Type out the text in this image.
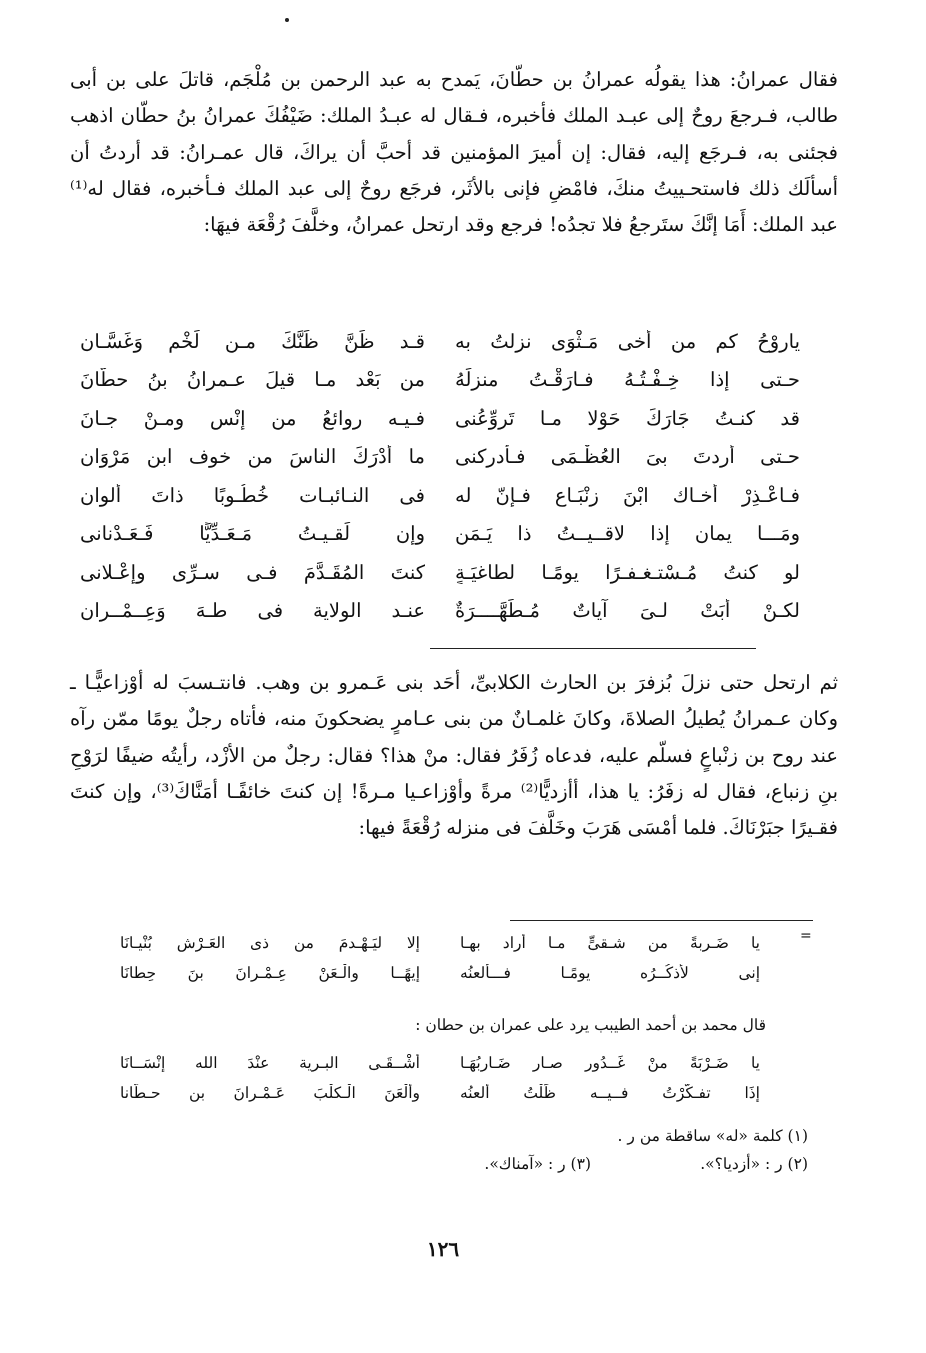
فقال عمرانُ: هذا يقولُه عمرانُ بن حطّانَ، يَمدح به عبد الرحمن بن مُلْجَم، قاتلَ على بن أبى طالب، فـرجعَ روحٌ إلى عبـد الملك فأخبره، فـقال له عبـدُ الملك: ضَيْفُكَ عمرانُ بنُ حطّان اذهب فجئنى به، فـرجَع إليه، فقال: إن أميرَ المؤمنين قد أحبَّ أن يراكَ، قال عمـرانُ: قد أردتُ أن أسألَك ذلك فاستحـييتُ منكَ، فامْضِ فإنى بالأثَر، فرجَع روحٌ إلى عبد الملك فـأخبره، فقال له⁽¹⁾ عبد الملك: أَمَا إنَّكَ ستَرجعُ فلا تجدُه! فرجع وقد ارتحل عمرانُ، وخلَّفَ رُقْعَة فيهَا:

ياروْحُ كم من أخى مَـثْوَى نزلتُ به
قـد ظَنَّ ظَنَّكَ مـن لَخْم وَغَسَّـان
حـتى إذا خِـفْـتُـهُ فـارَقْـتُ منزلَهُ
من بَعْد مـا قيلَ عـمرانُ بنُ حطّانَ
قد كنـتُ جَارَكَ حَوْلا مـا تَروِّعُنى
فـيـه روائعُ من إنْسٍ ومـنْ جـانَ
حـتى أردتَ بىَ العُظْـمَى فـأدركنى
ما أَدْرَكَ الناسَ من خوف ابنِ مَرْوَان
فـاعْـذِرْ أخـاك ابْنَ زنْبَـاع فـإنّ له
فى النـائبـات خُطُـوبًا ذاتَ ألوان
ومَـــا يمان إذا لاقــيــتُ ذا يَـمَنٍ
وإن لَقـيـتُ مَـعَـدِّيًّا فَـعَـدْنانى
لو كنتُ مُـسْتـغـفـرًا يومًـا لطاغيَـةٍ
كنتَ المُقَـدَّمَ فـى سـرِّى وإعْـلانى
لكـنْ أبَتْ لـىَ آياتٌ مُـطَهَّــــرَةٌ
عنـد الولاية فى طـهَ وَعِــمْــران

ثم ارتحل حتى نزلَ بُزفرَ بن الحارث الكلابىِّ، أحَد بنى عَـمرو بن وهب. فانتـسبَ له أوْزاعيًّـا ـ وكان عـمرانُ يُطيلُ الصلاةَ، وكانَ غلمـانٌ من بنى عـامرٍ يضحكونَ منه، فأتاه رجلٌ يومًا ممّن رآه عند روح بن زنْباعٍ فسلّم عليه، فدعاه زُفَرُ فقال: منْ هذا؟ فقال: رجلٌ من الأزْد، رأيتُه ضيفًا لرَوْحِ بنِ زنباع، فقال له زفَرُ: يا هذا، أأزديًّا⁽²⁾ مرةً وأوْزاعـيا مـرةً! إن كنتَ خائفًـا أمَنَّاكَ⁽³⁾، وإن كنتَ فقـيرًا جبَرْنَاكَ. فلما أمْسَى هَرَبَ وخَلَّفَ فى منزله رُقْعَةً فيها:

=
يا ضَـربةً من شـقىٍّ مـا أراد بهـا
إلا ليَـهْـدمَ من ذى العَـرْشِ بُنْيـانَا
إنى لأذكُــرُه يومًـا فـــأَلعنُه
إيهًــا والْـعَنْ عِـمْـرانَ بنَ حِطانَا
قال محمد بن أحمد الطيبب يرد على عمران بن حطان :
يا ضَـرْبَةً منْ غَــدُور صـار ضَـارِبُهَـا
أشْــقَـى البـرية عنْدَ الله إنْسَــانَا
إذَا تفـكَّرْتُ فــيــه ظَلْتُ ألعنُه
وألْعَنَ الْـكلْبَ عَـمْـرانَ بن حـطّانا
(١) كلمة «له» ساقطة من ر .
(٢) ر : «أزديا؟».
(٣) ر : «آمناك».
١٢٦
